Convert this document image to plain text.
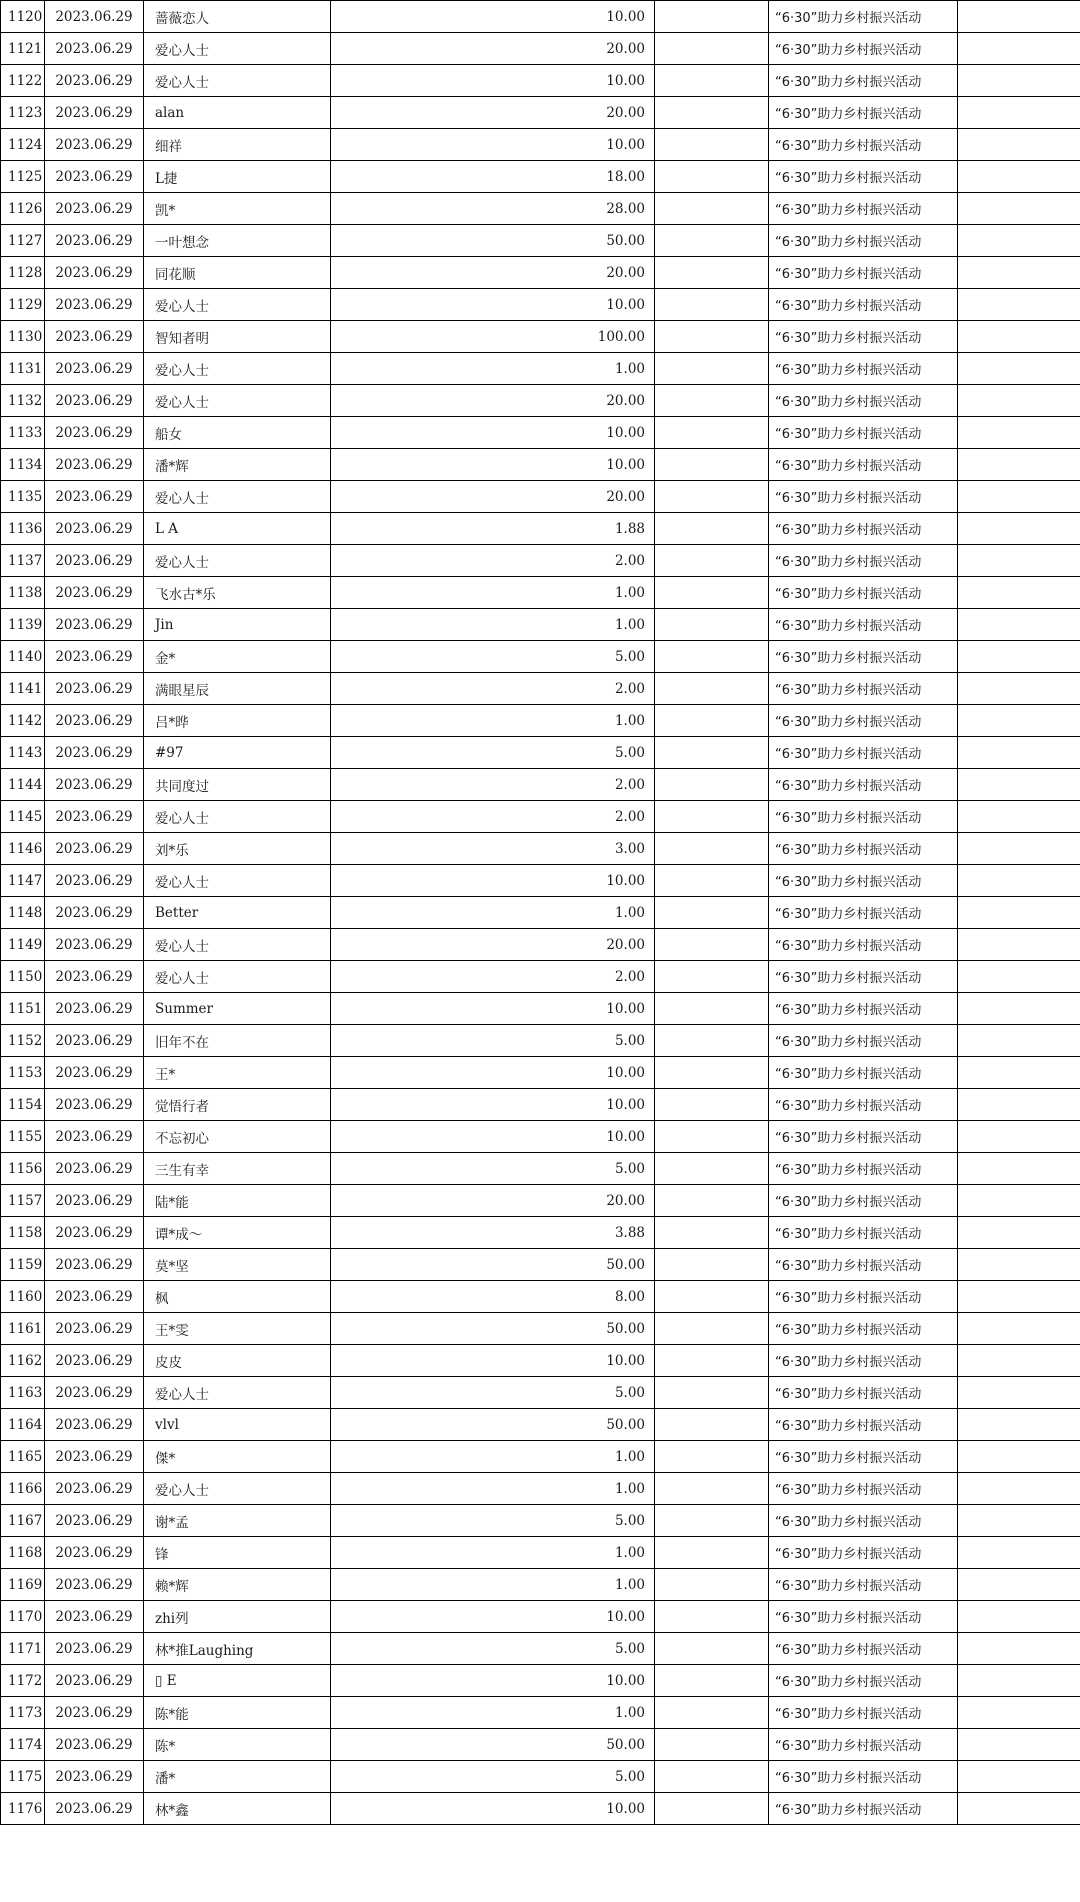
1120	2023.06.29	蔷薇恋人	10.00		“6·30”助力乡村振兴活动	
1121	2023.06.29	爱心人士	20.00		“6·30”助力乡村振兴活动	
1122	2023.06.29	爱心人士	10.00		“6·30”助力乡村振兴活动	
1123	2023.06.29	alan	20.00		“6·30”助力乡村振兴活动	
1124	2023.06.29	细祥	10.00		“6·30”助力乡村振兴活动	
1125	2023.06.29	L捷	18.00		“6·30”助力乡村振兴活动	
1126	2023.06.29	凯*	28.00		“6·30”助力乡村振兴活动	
1127	2023.06.29	一叶想念	50.00		“6·30”助力乡村振兴活动	
1128	2023.06.29	同花顺	20.00		“6·30”助力乡村振兴活动	
1129	2023.06.29	爱心人士	10.00		“6·30”助力乡村振兴活动	
1130	2023.06.29	智知者明	100.00		“6·30”助力乡村振兴活动	
1131	2023.06.29	爱心人士	1.00		“6·30”助力乡村振兴活动	
1132	2023.06.29	爱心人士	20.00		“6·30”助力乡村振兴活动	
1133	2023.06.29	船女	10.00		“6·30”助力乡村振兴活动	
1134	2023.06.29	潘*辉	10.00		“6·30”助力乡村振兴活动	
1135	2023.06.29	爱心人士	20.00		“6·30”助力乡村振兴活动	
1136	2023.06.29	L A	1.88		“6·30”助力乡村振兴活动	
1137	2023.06.29	爱心人士	2.00		“6·30”助力乡村振兴活动	
1138	2023.06.29	飞水古*乐	1.00		“6·30”助力乡村振兴活动	
1139	2023.06.29	Jin	1.00		“6·30”助力乡村振兴活动	
1140	2023.06.29	金*	5.00		“6·30”助力乡村振兴活动	
1141	2023.06.29	满眼星辰	2.00		“6·30”助力乡村振兴活动	
1142	2023.06.29	吕*晔	1.00		“6·30”助力乡村振兴活动	
1143	2023.06.29	#97	5.00		“6·30”助力乡村振兴活动	
1144	2023.06.29	共同度过	2.00		“6·30”助力乡村振兴活动	
1145	2023.06.29	爱心人士	2.00		“6·30”助力乡村振兴活动	
1146	2023.06.29	刘*乐	3.00		“6·30”助力乡村振兴活动	
1147	2023.06.29	爱心人士	10.00		“6·30”助力乡村振兴活动	
1148	2023.06.29	Better	1.00		“6·30”助力乡村振兴活动	
1149	2023.06.29	爱心人士	20.00		“6·30”助力乡村振兴活动	
1150	2023.06.29	爱心人士	2.00		“6·30”助力乡村振兴活动	
1151	2023.06.29	Summer	10.00		“6·30”助力乡村振兴活动	
1152	2023.06.29	旧年不在	5.00		“6·30”助力乡村振兴活动	
1153	2023.06.29	王*	10.00		“6·30”助力乡村振兴活动	
1154	2023.06.29	觉悟行者	10.00		“6·30”助力乡村振兴活动	
1155	2023.06.29	不忘初心	10.00		“6·30”助力乡村振兴活动	
1156	2023.06.29	三生有幸	5.00		“6·30”助力乡村振兴活动	
1157	2023.06.29	陆*能	20.00		“6·30”助力乡村振兴活动	
1158	2023.06.29	谭*成～	3.88		“6·30”助力乡村振兴活动	
1159	2023.06.29	莫*坚	50.00		“6·30”助力乡村振兴活动	
1160	2023.06.29	枫	8.00		“6·30”助力乡村振兴活动	
1161	2023.06.29	王*雯	50.00		“6·30”助力乡村振兴活动	
1162	2023.06.29	皮皮	10.00		“6·30”助力乡村振兴活动	
1163	2023.06.29	爱心人士	5.00		“6·30”助力乡村振兴活动	
1164	2023.06.29	vlvl	50.00		“6·30”助力乡村振兴活动	
1165	2023.06.29	傑*	1.00		“6·30”助力乡村振兴活动	
1166	2023.06.29	爱心人士	1.00		“6·30”助力乡村振兴活动	
1167	2023.06.29	谢*孟	5.00		“6·30”助力乡村振兴活动	
1168	2023.06.29	锋	1.00		“6·30”助力乡村振兴活动	
1169	2023.06.29	赖*辉	1.00		“6·30”助力乡村振兴活动	
1170	2023.06.29	zhi列	10.00		“6·30”助力乡村振兴活动	
1171	2023.06.29	林*推Laughing	5.00		“6·30”助力乡村振兴活动	
1172	2023.06.29	▯ E	10.00		“6·30”助力乡村振兴活动	
1173	2023.06.29	陈*能	1.00		“6·30”助力乡村振兴活动	
1174	2023.06.29	陈*	50.00		“6·30”助力乡村振兴活动	
1175	2023.06.29	潘*	5.00		“6·30”助力乡村振兴活动	
1176	2023.06.29	林*鑫	10.00		“6·30”助力乡村振兴活动	
